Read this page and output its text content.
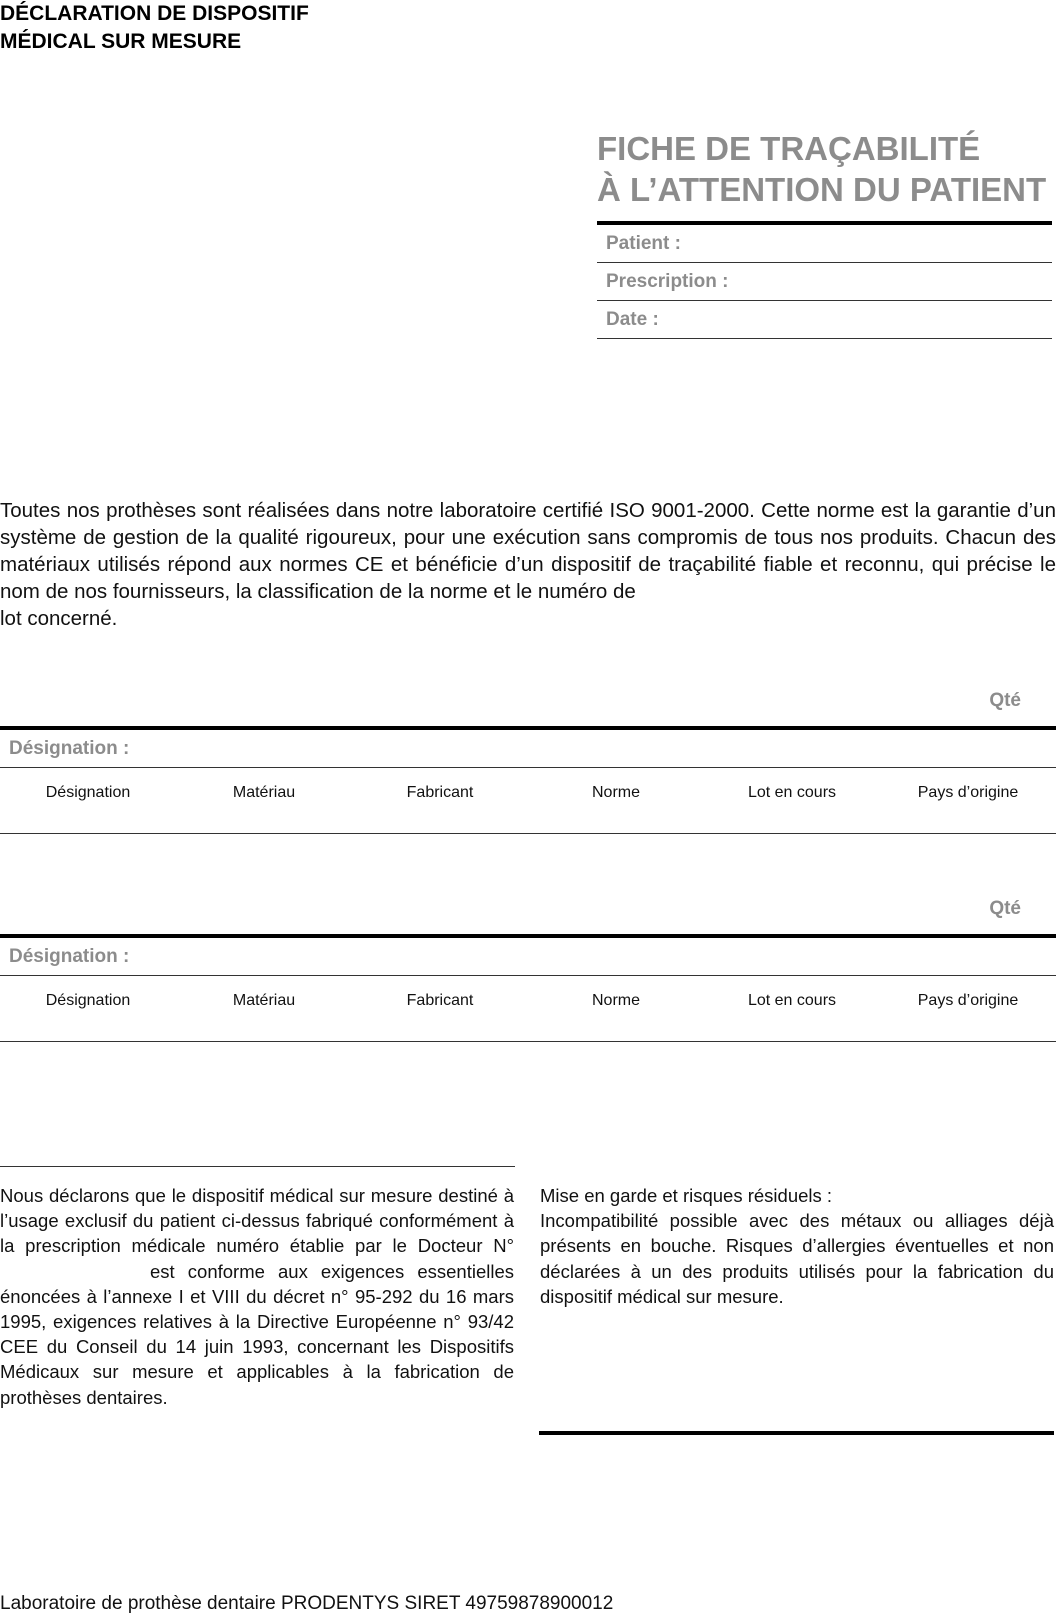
DÉCLARATION DE DISPOSITIF
MÉDICAL SUR MESURE
FICHE DE TRAÇABILITÉ
À L’ATTENTION DU PATIENT
Patient :
Prescription :
Date :
Toutes nos prothèses sont réalisées dans notre laboratoire certifié ISO 9001-2000. Cette norme est la garantie d’un système de gestion de la qualité rigoureux, pour une exécution sans compromis de tous nos produits. Chacun des matériaux utilisés répond aux normes CE et bénéficie d’un dispositif de traçabilité fiable et reconnu, qui précise le nom de nos fournisseurs, la classification de la norme et le numéro de
lot concerné.
Qté
Désignation :
Désignation	Matériau	Fabricant	Norme	Lot en cours	Pays d’origine
Qté
Désignation :
Désignation	Matériau	Fabricant	Norme	Lot en cours	Pays d’origine
Nous déclarons que le dispositif médical sur mesure destiné à l’usage exclusif du patient ci-dessus fabriqué conformément à la prescription médicale numéro établie par le Docteur N°est conforme aux exigences essentielles énoncées à l’annexe I et VIII du décret n° 95-292 du 16 mars 1995, exigences relatives à la Directive Européenne n° 93/42 CEE du Conseil du 14 juin 1993, concernant les Dispositifs Médicaux sur mesure et applicables à la fabrication de prothèses dentaires.
Mise en garde et risques résiduels :
Incompatibilité possible avec des métaux ou alliages déjà présents en bouche. Risques d’allergies éventuelles et non déclarées à un des produits utilisés pour la fabrication du dispositif médical sur mesure.
Laboratoire de prothèse dentaire PRODENTYS SIRET 49759878900012
